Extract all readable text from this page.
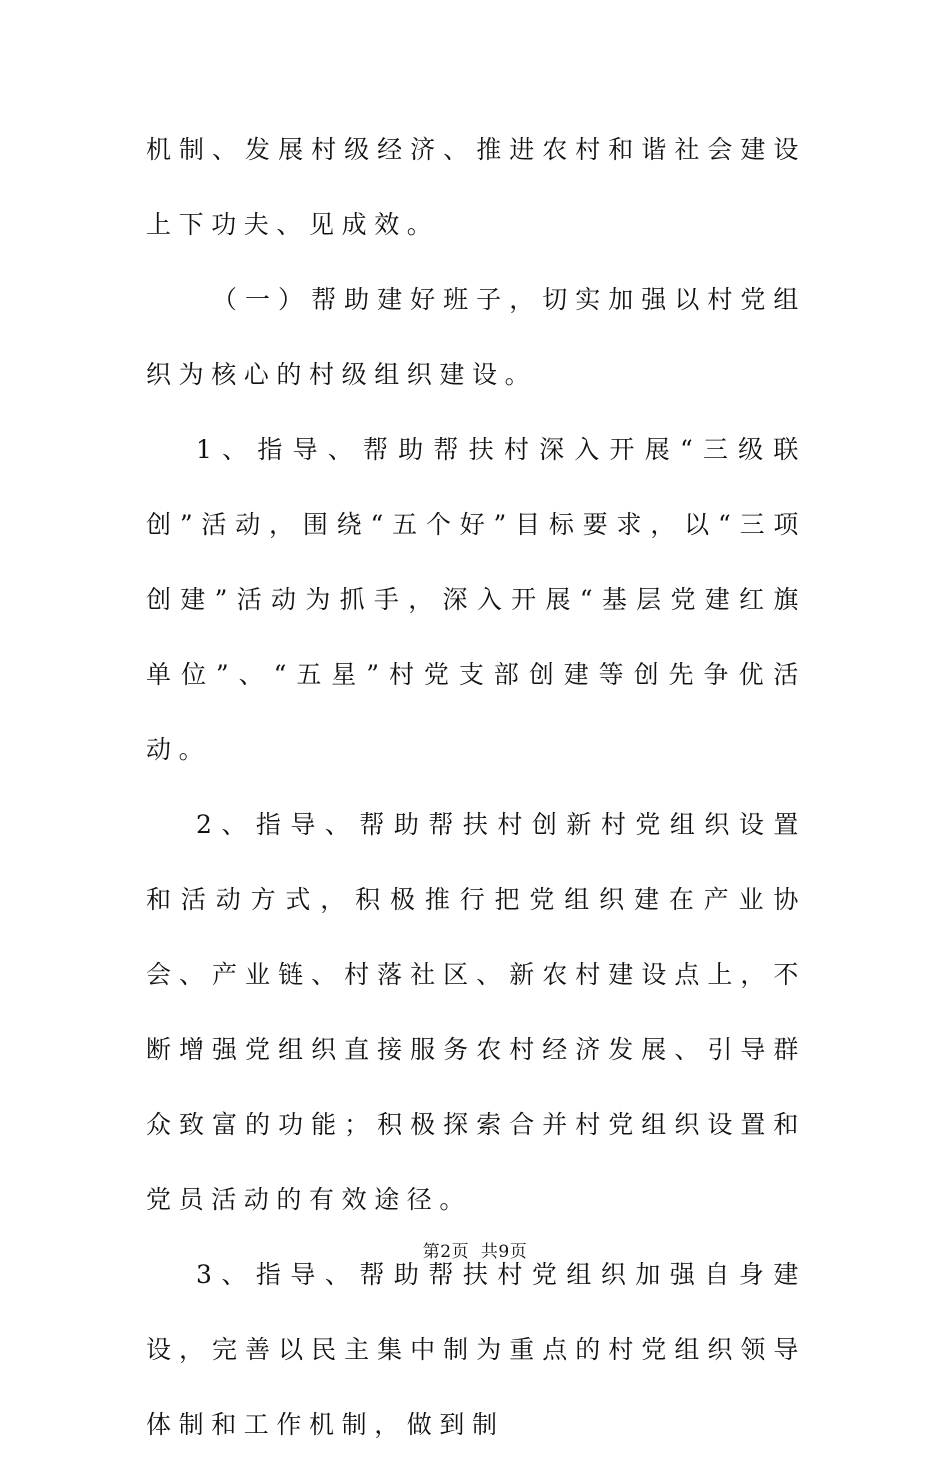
机制、发展村级经济、推进农村和谐社会建设上下功夫、见成效。

（一）帮助建好班子，切实加强以村党组织为核心的村级组织建设。

1、指导、帮助帮扶村深入开展“三级联创”活动，围绕“五个好”目标要求，以“三项创建”活动为抓手，深入开展“基层党建红旗单位”、“五星”村党支部创建等创先争优活动。

2、指导、帮助帮扶村创新村党组织设置和活动方式，积极推行把党组织建在产业协会、产业链、村落社区、新农村建设点上，不断增强党组织直接服务农村经济发展、引导群众致富的功能；积极探索合并村党组织设置和党员活动的有效途径。

3、指导、帮助帮扶村党组织加强自身建设，完善以民主集中制为重点的村党组织领导体制和工作机制，做到制

第2页  共9页
